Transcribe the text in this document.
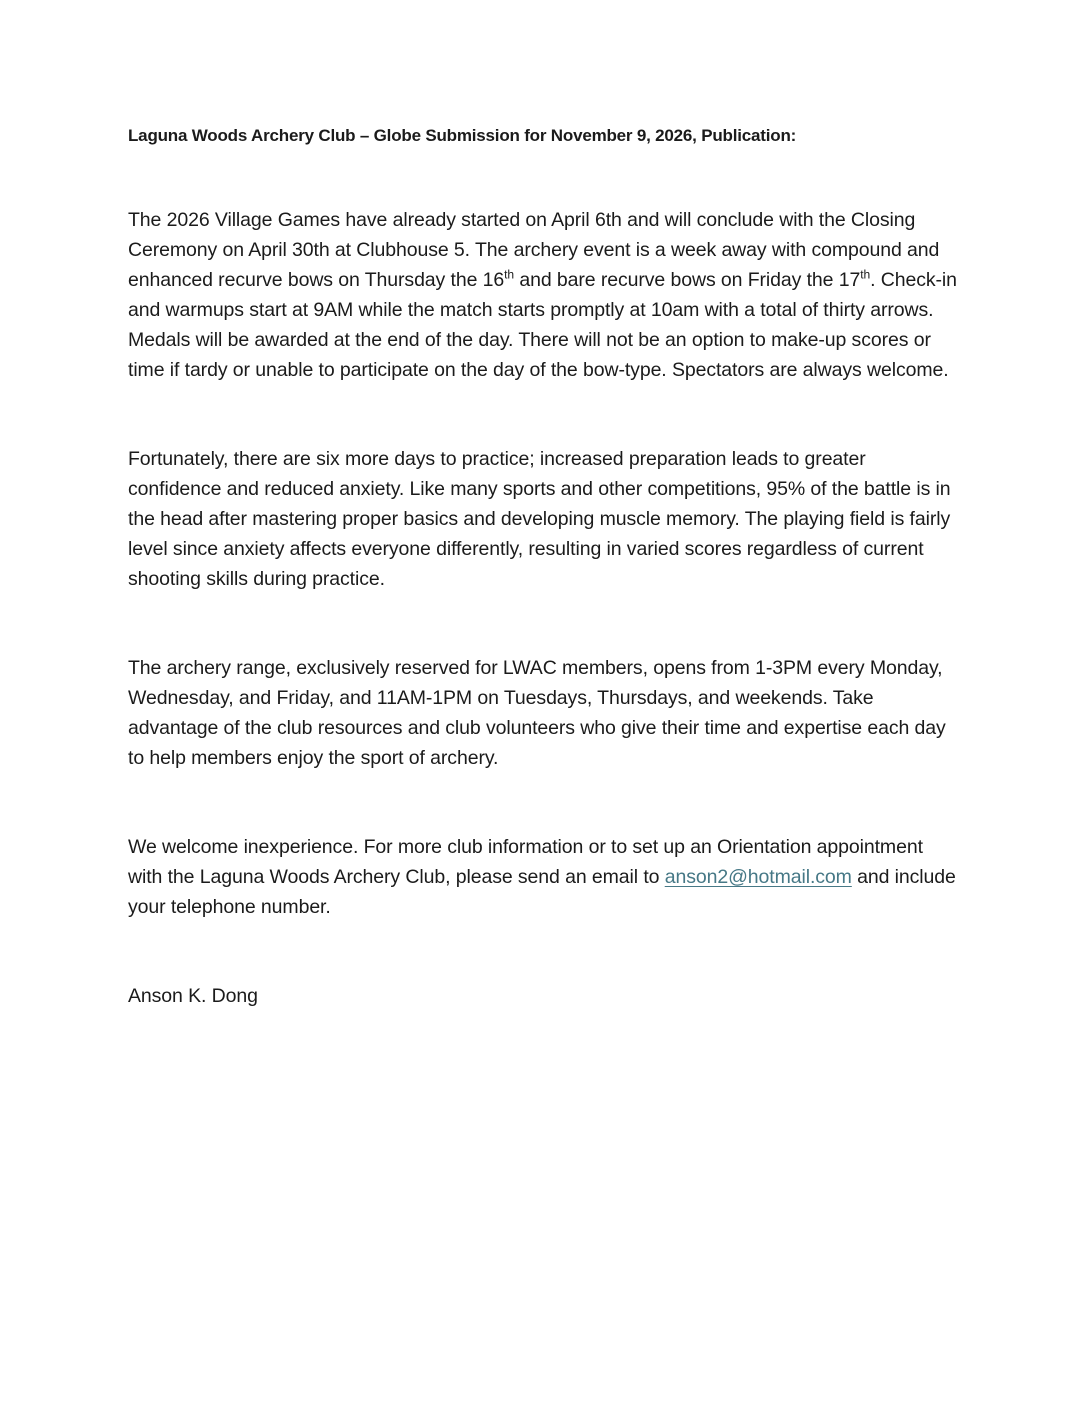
Laguna Woods Archery Club – Globe Submission for November 9, 2026, Publication:

The 2026 Village Games have already started on April 6th and will conclude with the Closing Ceremony on April 30th at Clubhouse 5. The archery event is a week away with compound and enhanced recurve bows on Thursday the 16th and bare recurve bows on Friday the 17th. Check-in and warmups start at 9AM while the match starts promptly at 10am with a total of thirty arrows. Medals will be awarded at the end of the day. There will not be an option to make-up scores or time if tardy or unable to participate on the day of the bow-type. Spectators are always welcome.

Fortunately, there are six more days to practice; increased preparation leads to greater confidence and reduced anxiety. Like many sports and other competitions, 95% of the battle is in the head after mastering proper basics and developing muscle memory. The playing field is fairly level since anxiety affects everyone differently, resulting in varied scores regardless of current shooting skills during practice.

The archery range, exclusively reserved for LWAC members, opens from 1-3PM every Monday, Wednesday, and Friday, and 11AM-1PM on Tuesdays, Thursdays, and weekends. Take advantage of the club resources and club volunteers who give their time and expertise each day to help members enjoy the sport of archery.

We welcome inexperience. For more club information or to set up an Orientation appointment with the Laguna Woods Archery Club, please send an email to anson2@hotmail.com and include your telephone number.

Anson K. Dong
